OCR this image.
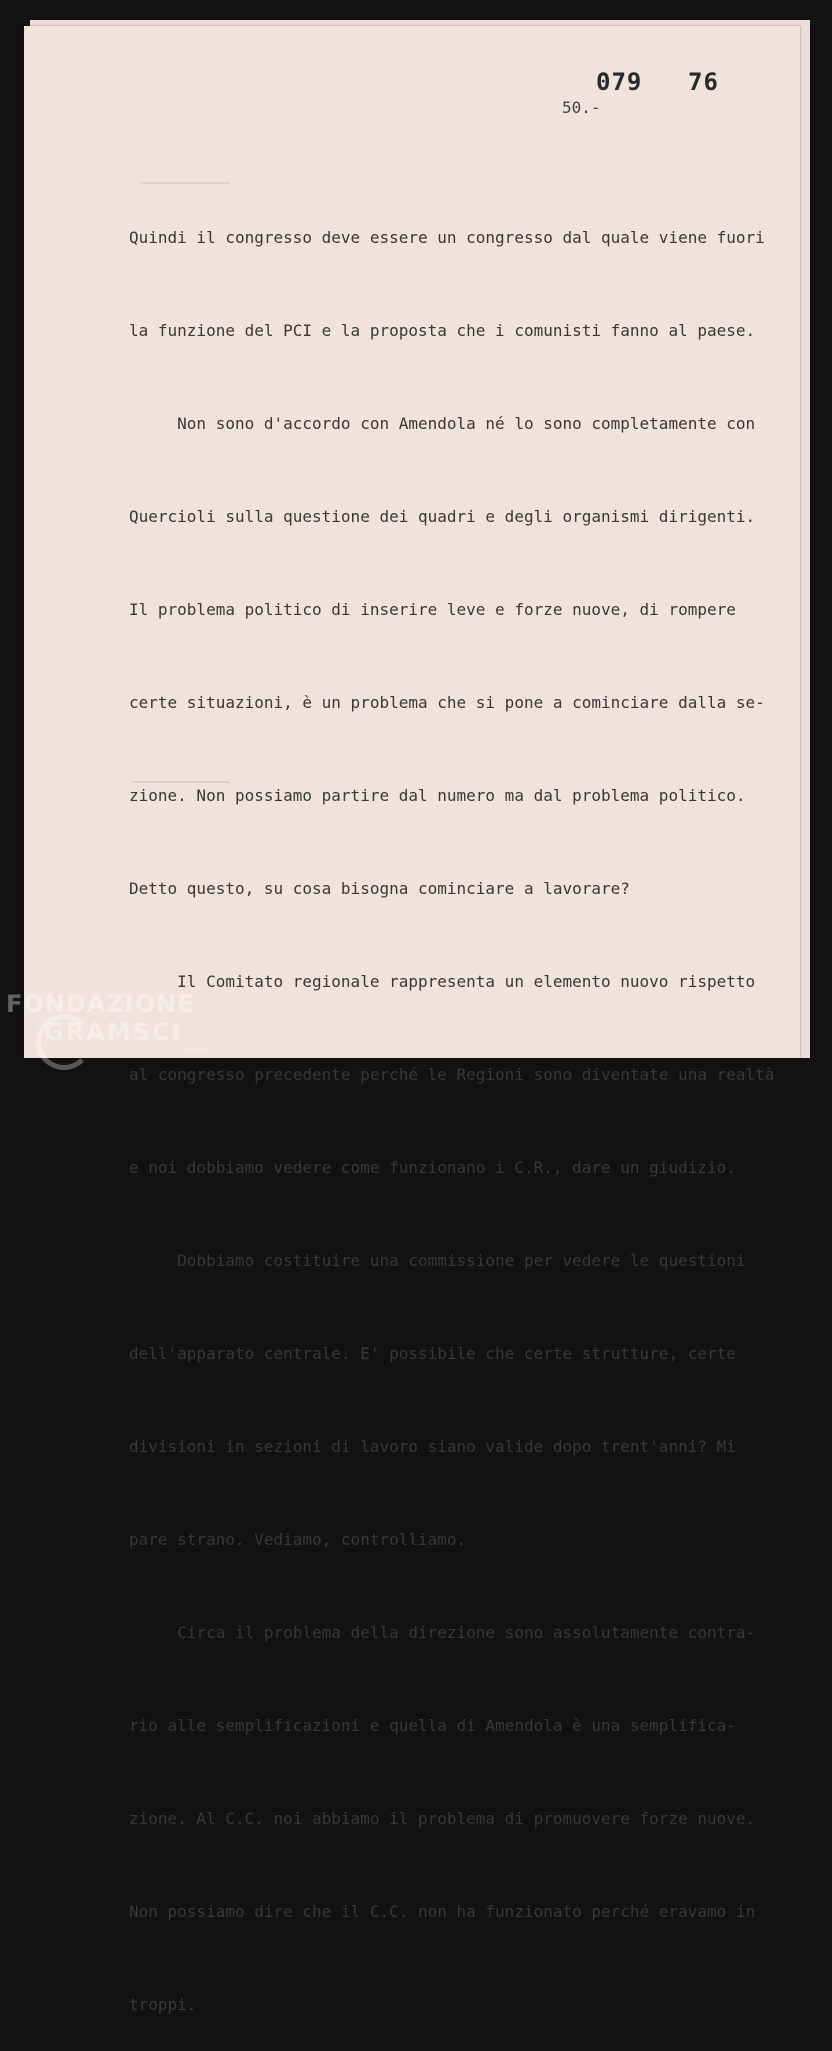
079 76
50.-

Quindi il congresso deve essere un congresso dal quale viene fuori

la funzione del PCI e la proposta che i comunisti fanno al paese.

Non sono d'accordo con Amendola né lo sono completamente con

Quercioli sulla questione dei quadri e degli organismi dirigenti.

Il problema politico di inserire leve e forze nuove, di rompere

certe situazioni, è un problema che si pone a cominciare dalla se-

zione. Non possiamo partire dal numero ma dal problema politico.

Detto questo, su cosa bisogna cominciare a lavorare?

Il Comitato regionale rappresenta un elemento nuovo rispetto

al congresso precedente perché le Regioni sono diventate una realtà

e noi dobbiamo vedere come funzionano i C.R., dare un giudizio.

Dobbiamo costituire una commissione per vedere le questioni

dell'apparato centrale. E' possibile che certe strutture, certe

divisioni in sezioni di lavoro siano valide dopo trent'anni? Mi

pare strano. Vediamo, controlliamo.

Circa il problema della direzione sono assolutamente contra-

rio alle semplificazioni e quella di Amendola è una semplifica-

zione. Al C.C. noi abbiamo il problema di promuovere forze nuove.

Non possiamo dire che il C.C. non ha funzionato perché eravamo in

troppi.

FONDAZIONE
GRAMSCI
onlus
